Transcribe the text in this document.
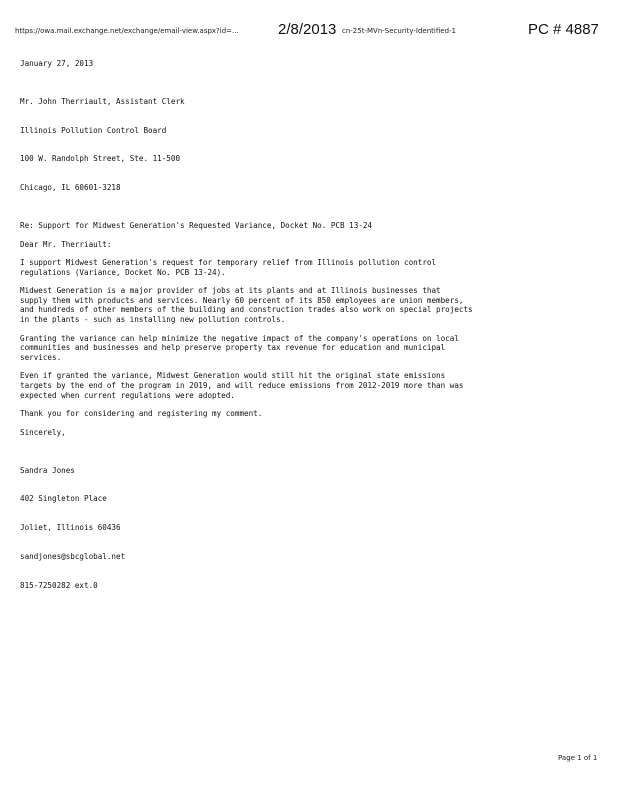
https://owa.mail.exchange.net/exchange/email-view.aspx?id=...	2/8/2013 cn-25t-MVn-Security-Identified-1	PC # 4887

January 27, 2013

Mr. John Therriault, Assistant Clerk

Illinois Pollution Control Board

100 W. Randolph Street, Ste. 11-500

Chicago, IL 60601-3218

Re: Support for Midwest Generation's Requested Variance, Docket No. PCB 13-24

Dear Mr. Therriault:

I support Midwest Generation's request for temporary relief from Illinois pollution control
regulations (Variance, Docket No. PCB 13-24).

Midwest Generation is a major provider of jobs at its plants and at Illinois businesses that
supply them with products and services. Nearly 60 percent of its 850 employees are union members,
and hundreds of other members of the building and construction trades also work on special projects
in the plants - such as installing new pollution controls.

Granting the variance can help minimize the negative impact of the company's operations on local
communities and businesses and help preserve property tax revenue for education and municipal
services.

Even if granted the variance, Midwest Generation would still hit the original state emissions
targets by the end of the program in 2019, and will reduce emissions from 2012-2019 more than was
expected when current regulations were adopted.

Thank you for considering and registering my comment.

Sincerely,

Sandra Jones

402 Singleton Place

Joliet, Illinois 60436

sandjones@sbcglobal.net

815-7250282 ext.0

Page 1 of 1
